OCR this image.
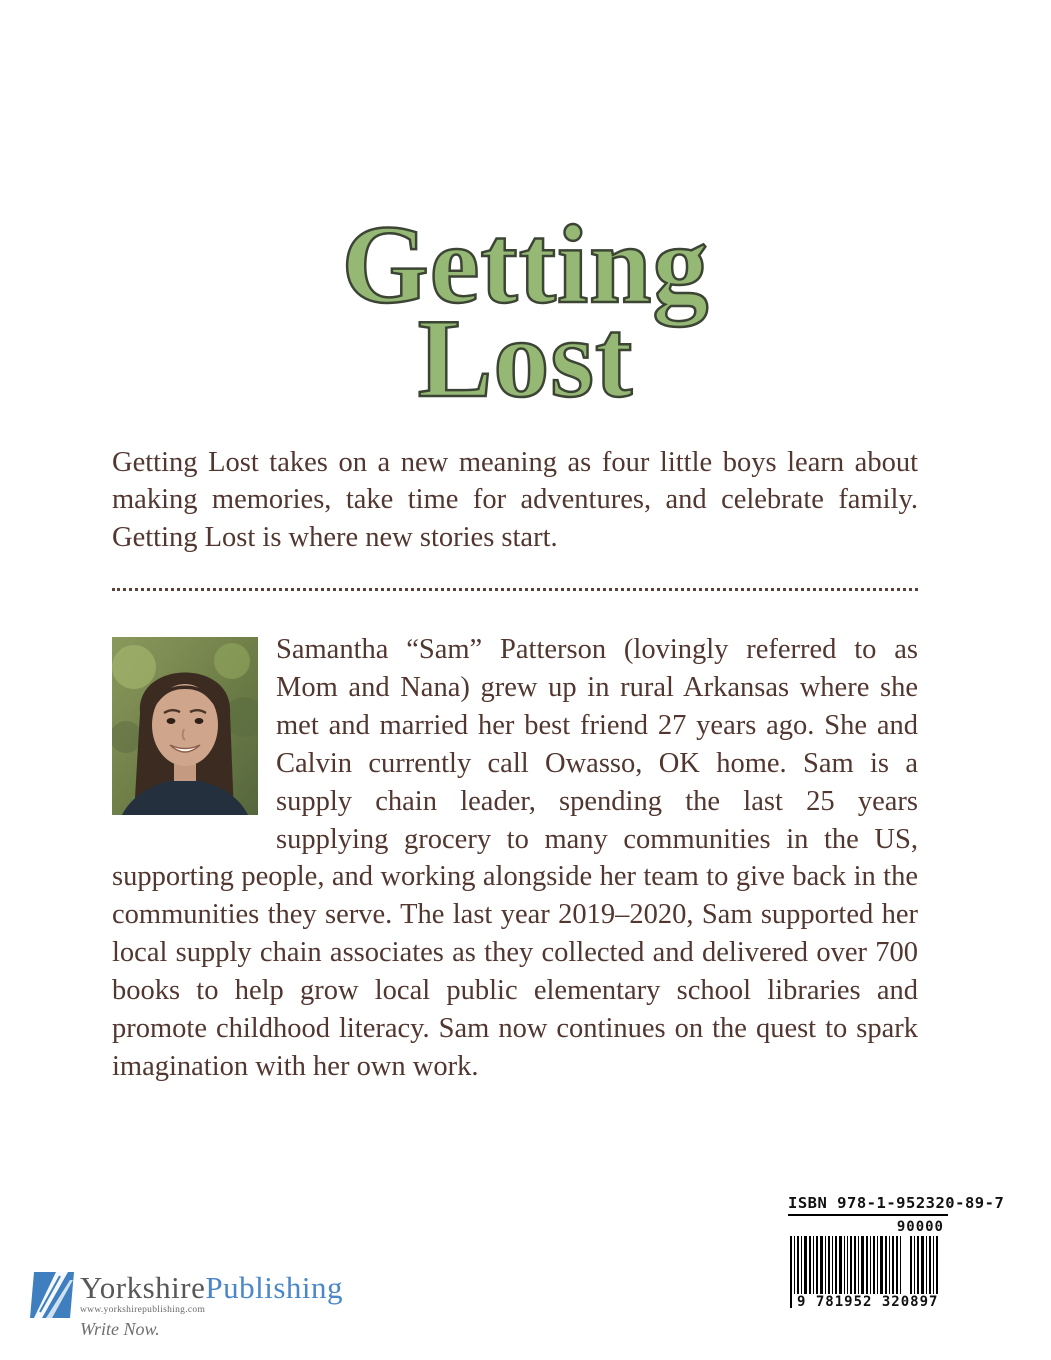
Getting
Lost

Getting Lost takes on a new meaning as four little boys learn about making memories, take time for adventures, and celebrate family. Getting Lost is where new stories start.

Samantha “Sam” Patterson (lovingly referred to as Mom and Nana) grew up in rural Arkansas where she met and married her best friend 27 years ago. She and Calvin currently call Owasso, OK home. Sam is a supply chain leader, spending the last 25 years supplying grocery to many communities in the US, supporting people, and working alongside her team to give back in the communities they serve. The last year 2019–2020, Sam supported her local supply chain associates as they collected and delivered over 700 books to help grow local public elementary school libraries and promote childhood literacy. Sam now continues on the quest to spark imagination with her own work.

YorkshirePublishing
www.yorkshirepublishing.com
Write Now.
ISBN 978-1-952320-89-7
90000
9 781952 320897
